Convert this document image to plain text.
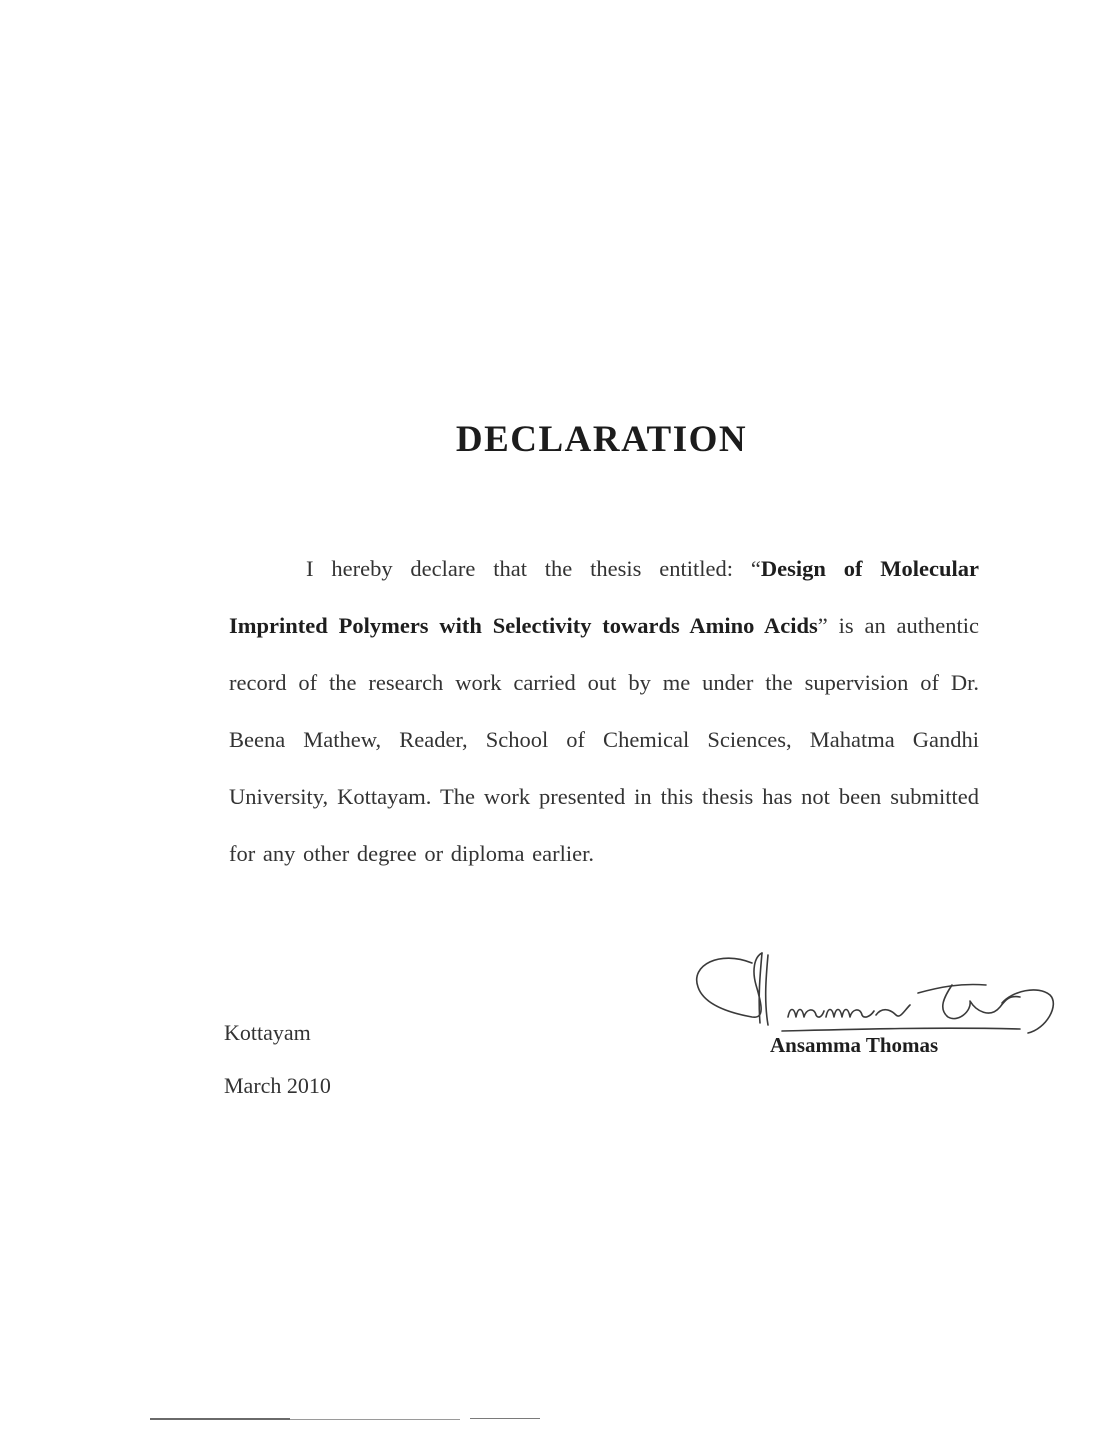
DECLARATION
I hereby declare that the thesis entitled: “Design of Molecular Imprinted Polymers with Selectivity towards Amino Acids” is an authentic record of the research work carried out by me under the supervision of Dr. Beena Mathew, Reader, School of Chemical Sciences, Mahatma Gandhi University, Kottayam. The work presented in this thesis has not been submitted for any other degree or diploma earlier.
Ansamma Thomas
Kottayam
March 2010
